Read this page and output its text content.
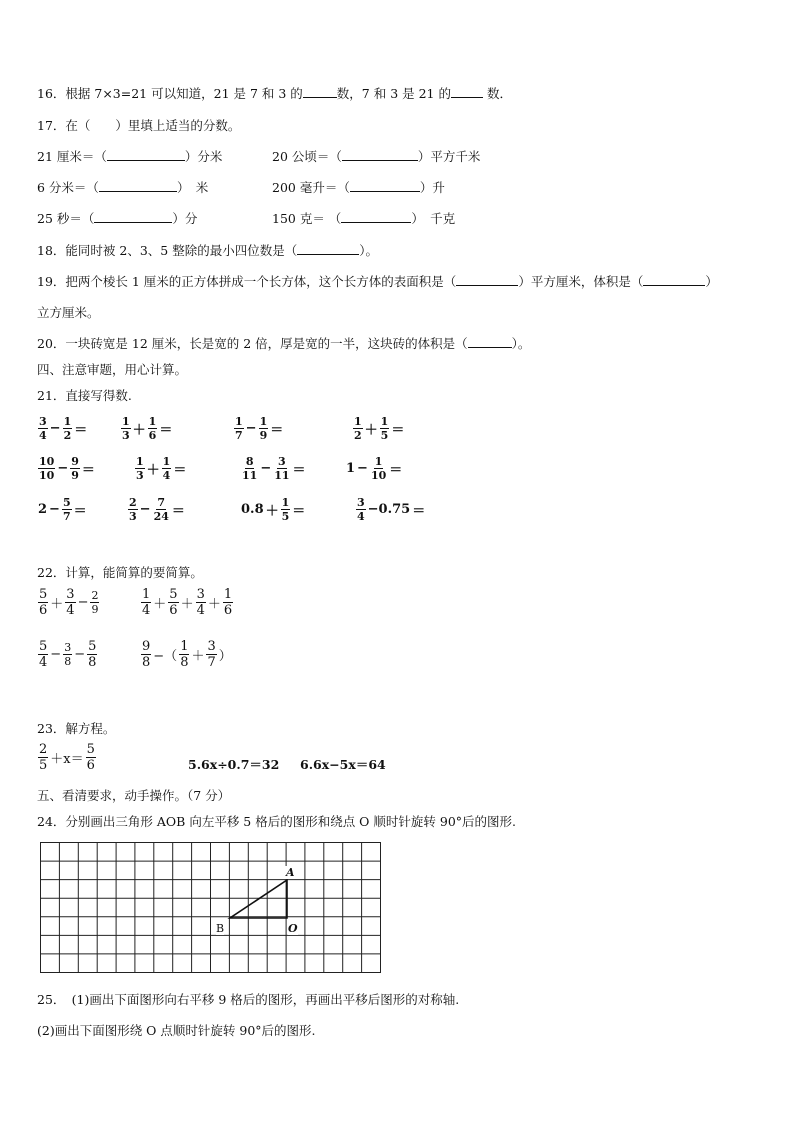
16．根据 7×3=21 可以知道，21 是 7 和 3 的	数，7 和 3 是 21 的	数．
17．在（　　）里填上适当的分数。
21 厘米＝（	）分米	20 公顷＝（	）平方千米
6 分米＝（	）　米	200 毫升＝（	）升
25 秒＝（	）分	150 克＝ （	）　千克
18．能同时被 2、3、5 整除的最小四位数是（	）。
19．把两个棱长 1 厘米的正方体拼成一个长方体，这个长方体的表面积是（	）平方厘米，体积是（	）
立方厘米。
20．一块砖宽是 12 厘米，长是宽的 2 倍，厚是宽的一半，这块砖的体积是（	）。
四、注意审题，用心计算。
21．直接写得数.
$\frac{3}{4} - \frac{1}{2}$ ＝	$\frac{1}{3} + \frac{1}{6}$ ＝	$\frac{1}{7} - \frac{1}{9}$ ＝	$\frac{1}{2} + \frac{1}{5}$ ＝
$\frac{10}{10} - \frac{9}{9}$ ＝	$\frac{1}{3} + \frac{1}{4}$ ＝	$\frac{8}{11} - \frac{3}{11}$ ＝	$1 - \frac{1}{10}$ ＝
$2 - \frac{5}{7}$ ＝	$\frac{2}{3} - \frac{7}{24}$ ＝	$0.8 + \frac{1}{5}$ ＝	$\frac{3}{4} -0.75$ ＝
22．计算，能简算的要简算。
$\frac{5}{6} + \frac{3}{4} - \frac{2}{9}$	$\frac{1}{4} + \frac{5}{6} + \frac{3}{4} + \frac{1}{6}$
$\frac{5}{4} - \frac{3}{8} - \frac{5}{8}$	$\frac{9}{8}$ −（ $\frac{1}{8} + \frac{3}{7}$ ）
23．解方程。
$\frac{2}{5} +x= \frac{5}{6}$	5.6x÷0.7＝32 6.6x−5x＝64
五、看清要求，动手操作。（7 分）
24．分别画出三角形 AOB 向左平移 5 格后的图形和绕点 O 顺时针旋转 90°后的图形.
A
B	O
25．　(1)画出下面图形向右平移 9 格后的图形，再画出平移后图形的对称轴.
(2)画出下面图形绕 O 点顺时针旋转 90°后的图形.
